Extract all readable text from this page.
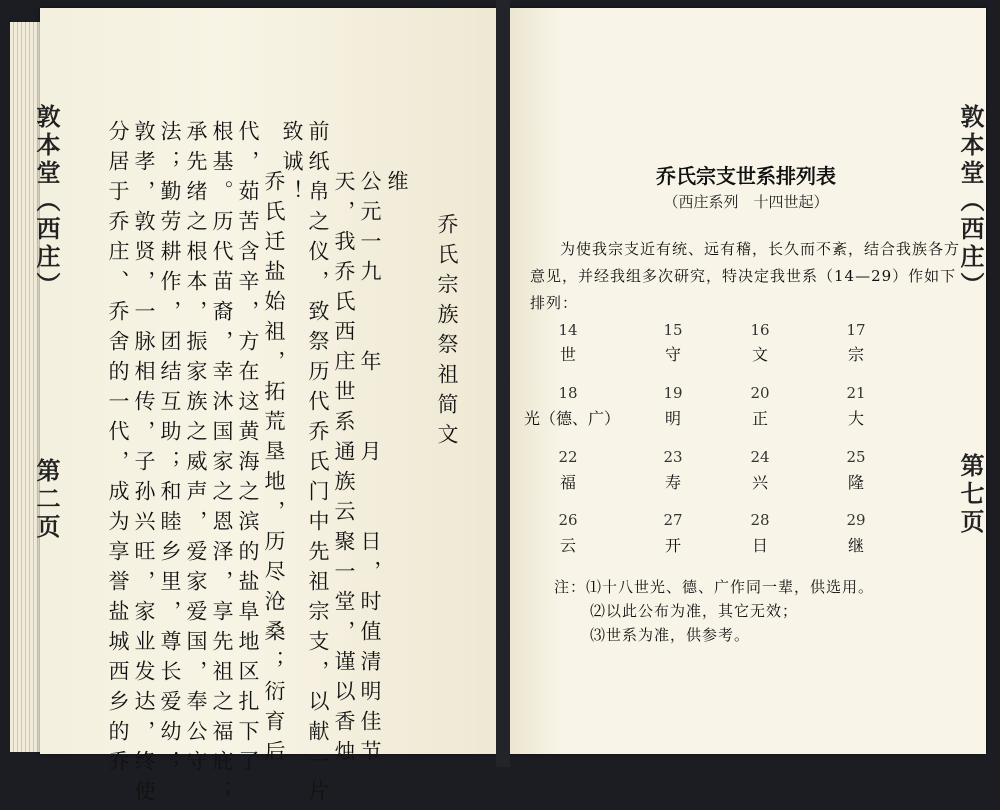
敦本堂（西庄）
第二页
乔氏宗族祭祖简文
维
公元一九　　年　　月　　日，时值清明佳节
天，我乔氏西庄世系通族云聚一堂，谨以香烛
前纸帛之仪，致祭历代乔氏门中先祖宗支，以献一片
致诚！
乔氏迁盐始祖，拓荒垦地，历尽沧桑；衍育后
代，茹苦含辛，方在这黄海之滨的盐阜地区扎下了
根基。历代苗裔，幸沐国家之恩泽，享先祖之福庇；
承先绪之根本，振家族之威声，爱家爱国，奉公守
法；勤劳耕作，团结互助；和睦乡里，尊长爱幼；
敦孝，敦贤，一脉相传，子孙兴旺，家业发达，终使
分居于乔庄、乔舍的一代，成为享誉盐城西乡的乔	乔氏宗支世系排列表
（西庄系列　十四世起）
为使我宗支近有统、远有稽，长久而不紊，结合我族各方意见，并经我组多次研究，特决定我世系（14—29）作如下排列：
14
世
15
守
16
文
17
宗
18
光（德、广）
19
明
20
正
21
大
22
福
23
寿
24
兴
25
隆
26
云
27
开
28
日
29
继
注：⑴十八世光、德、广作同一辈，供选用。
⑵以此公布为准，其它无效；
⑶世系为准，供参考。
敦本堂（西庄）
第七页
